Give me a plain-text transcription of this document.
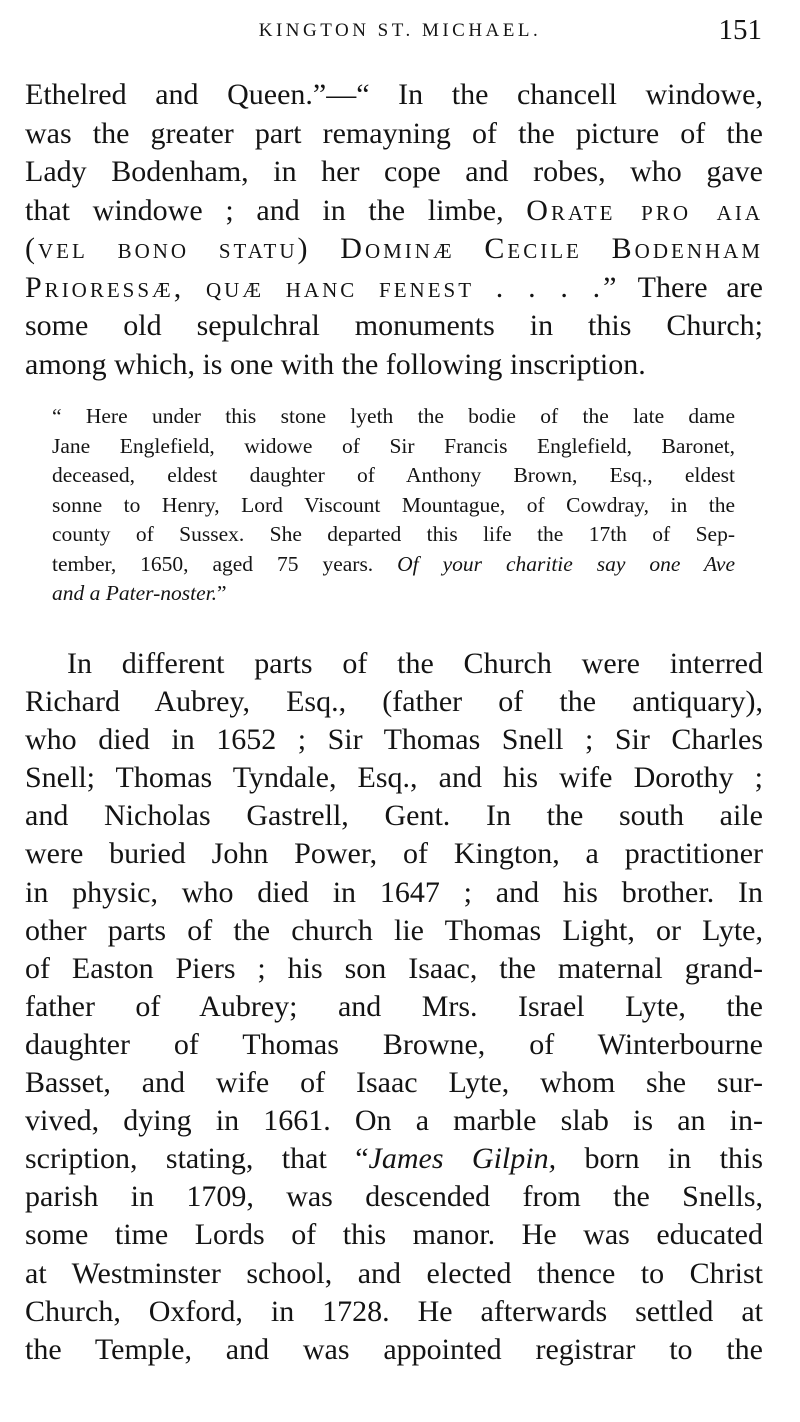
KINGTON ST. MICHAEL.	151
Ethelred and Queen.”—“ In the chancell windowe,
was the greater part remayning of the picture of the
Lady Bodenham, in her cope and robes, who gave
that windowe ; and in the limbe, Orate pro aia
(vel bono statu) Dominæ Cecile Bodenham
Prioressæ, quæ hanc fenest . . . .” There are
some old sepulchral monuments in this Church;
among which, is one with the following inscription.
“ Here under this stone lyeth the bodie of the late dame
Jane Englefield, widowe of Sir Francis Englefield, Baronet,
deceased, eldest daughter of Anthony Brown, Esq., eldest
sonne to Henry, Lord Viscount Mountague, of Cowdray, in the
county of Sussex. She departed this life the 17th of Sep-
tember, 1650, aged 75 years. Of your charitie say one Ave
and a Pater-noster.”
In different parts of the Church were interred
Richard Aubrey, Esq., (father of the antiquary),
who died in 1652 ; Sir Thomas Snell ; Sir Charles
Snell; Thomas Tyndale, Esq., and his wife Dorothy ;
and Nicholas Gastrell, Gent. In the south aile
were buried John Power, of Kington, a practitioner
in physic, who died in 1647 ; and his brother. In
other parts of the church lie Thomas Light, or Lyte,
of Easton Piers ; his son Isaac, the maternal grand-
father of Aubrey; and Mrs. Israel Lyte, the
daughter of Thomas Browne, of Winterbourne
Basset, and wife of Isaac Lyte, whom she sur-
vived, dying in 1661. On a marble slab is an in-
scription, stating, that “James Gilpin, born in this
parish in 1709, was descended from the Snells,
some time Lords of this manor. He was educated
at Westminster school, and elected thence to Christ
Church, Oxford, in 1728. He afterwards settled at
the Temple, and was appointed registrar to the
